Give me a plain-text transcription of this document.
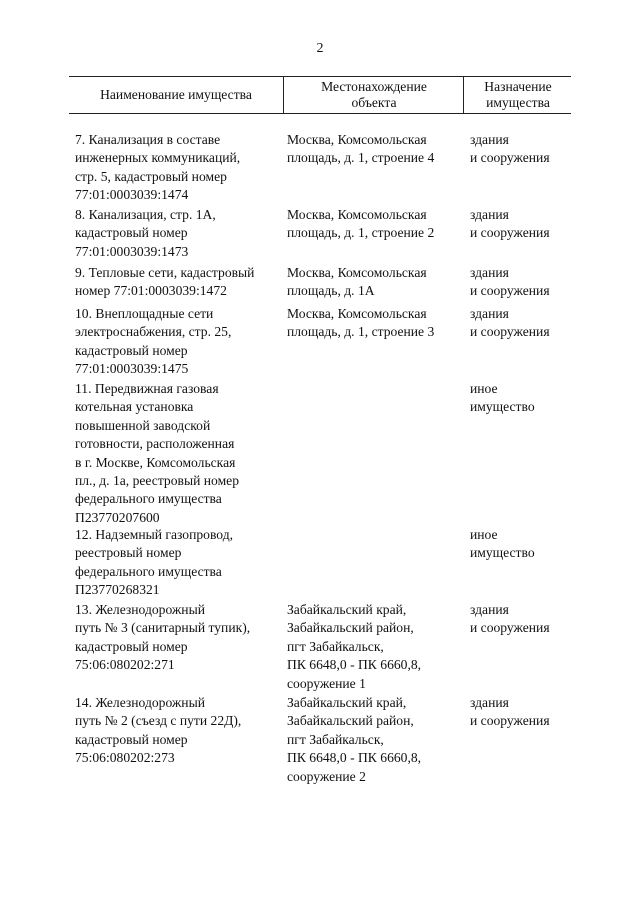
2
Наименование имущества
Местонахождение
объекта
Назначение
имущества
7. Канализация в составе
инженерных коммуникаций,
стр. 5, кадастровый номер
77:01:0003039:1474
Москва, Комсомольская
площадь, д. 1, строение 4
здания
и сооружения
8. Канализация, стр. 1А,
кадастровый номер
77:01:0003039:1473
Москва, Комсомольская
площадь, д. 1, строение 2
здания
и сооружения
9. Тепловые сети, кадастровый
номер 77:01:0003039:1472
Москва, Комсомольская
площадь, д. 1А
здания
и сооружения
10. Внеплощадные сети
электроснабжения, стр. 25,
кадастровый номер
77:01:0003039:1475
Москва, Комсомольская
площадь, д. 1, строение 3
здания
и сооружения
11. Передвижная газовая
котельная установка
повышенной заводской
готовности, расположенная
в г. Москве, Комсомольская
пл., д. 1а, реестровый номер
федерального имущества
П23770207600
иное
имущество
12. Надземный газопровод,
реестровый номер
федерального имущества
П23770268321
иное
имущество
13. Железнодорожный
путь № 3 (санитарный тупик),
кадастровый номер
75:06:080202:271
Забайкальский край,
Забайкальский район,
пгт Забайкальск,
ПК 6648,0 - ПК 6660,8,
сооружение 1
здания
и сооружения
14. Железнодорожный
путь № 2 (съезд с пути 22Д),
кадастровый номер
75:06:080202:273
Забайкальский край,
Забайкальский район,
пгт Забайкальск,
ПК 6648,0 - ПК 6660,8,
сооружение 2
здания
и сооружения
